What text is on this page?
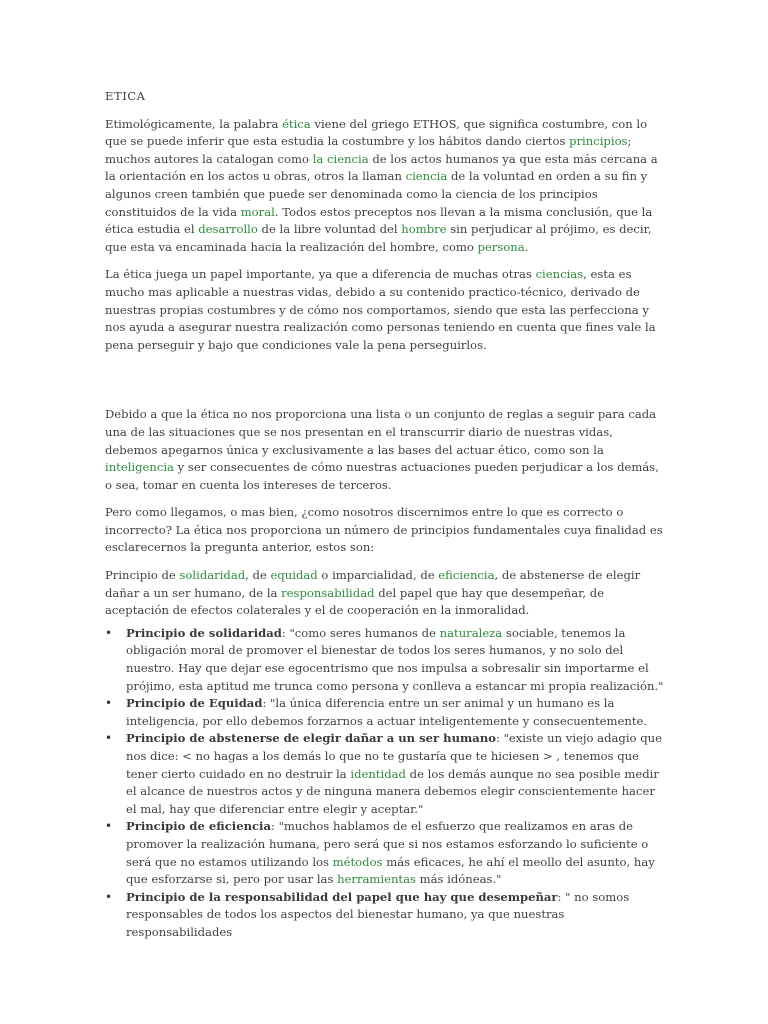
ETICA

Etimológicamente, la palabra ética viene del griego ETHOS, que significa costumbre, con lo que se puede inferir que esta estudia la costumbre y los hábitos dando ciertos principios; muchos autores la catalogan como la ciencia de los actos humanos ya que esta más cercana a la orientación en los actos u obras, otros la llaman ciencia de la voluntad en orden a su fin y algunos creen también que puede ser denominada como la ciencia de los principios constituidos de la vida moral. Todos estos preceptos nos llevan a la misma conclusión, que la ética estudia el desarrollo de la libre voluntad del hombre sin perjudicar al prójimo, es decir, que esta va encaminada hacia la realización del hombre, como persona.

La ética juega un papel importante, ya que a diferencia de muchas otras ciencias, esta es mucho mas aplicable a nuestras vidas, debido a su contenido practico-técnico, derivado de nuestras propias costumbres y de cómo nos comportamos, siendo que esta las perfecciona y nos ayuda a asegurar nuestra realización como personas teniendo en cuenta que fines vale la pena perseguir y bajo que condiciones vale la pena perseguirlos.

Debido a que la ética no nos proporciona una lista o un conjunto de reglas a seguir para cada una de las situaciones que se nos presentan en el transcurrir diario de nuestras vidas, debemos apegarnos única y exclusivamente a las bases del actuar ético, como son la inteligencia y ser consecuentes de cómo nuestras actuaciones pueden perjudicar a los demás, o sea, tomar en cuenta los intereses de terceros.

Pero como llegamos, o mas bien, ¿como nosotros discernimos entre lo que es correcto o incorrecto? La ética nos proporciona un número de principios fundamentales cuya finalidad es esclarecernos la pregunta anterior, estos son:

Principio de solidaridad, de equidad o imparcialidad, de eficiencia, de abstenerse de elegir dañar a un ser humano, de la responsabilidad del papel que hay que desempeñar, de aceptación de efectos colaterales y el de cooperación en la inmoralidad.

• Principio de solidaridad: "como seres humanos de naturaleza sociable, tenemos la obligación moral de promover el bienestar de todos los seres humanos, y no solo del nuestro. Hay que dejar ese egocentrismo que nos impulsa a sobresalir sin importarme el prójimo, esta aptitud me trunca como persona y conlleva a estancar mi propia realización."
• Principio de Equidad: "la única diferencia entre un ser animal y un humano es la inteligencia, por ello debemos forzarnos a actuar inteligentemente y consecuentemente.
• Principio de abstenerse de elegir dañar a un ser humano: "existe un viejo adagio que nos dice: < no hagas a los demás lo que no te gustaría que te hiciesen > , tenemos que tener cierto cuidado en no destruir la identidad de los demás aunque no sea posible medir el alcance de nuestros actos y de ninguna manera debemos elegir conscientemente hacer el mal, hay que diferenciar entre elegir y aceptar."
• Principio de eficiencia: "muchos hablamos de el esfuerzo que realizamos en aras de promover la realización humana, pero será que si nos estamos esforzando lo suficiente o será que no estamos utilizando los métodos más eficaces, he ahí el meollo del asunto, hay que esforzarse si, pero por usar las herramientas más idóneas."
• Principio de la responsabilidad del papel que hay que desempeñar: " no somos responsables de todos los aspectos del bienestar humano, ya que nuestras responsabilidades
